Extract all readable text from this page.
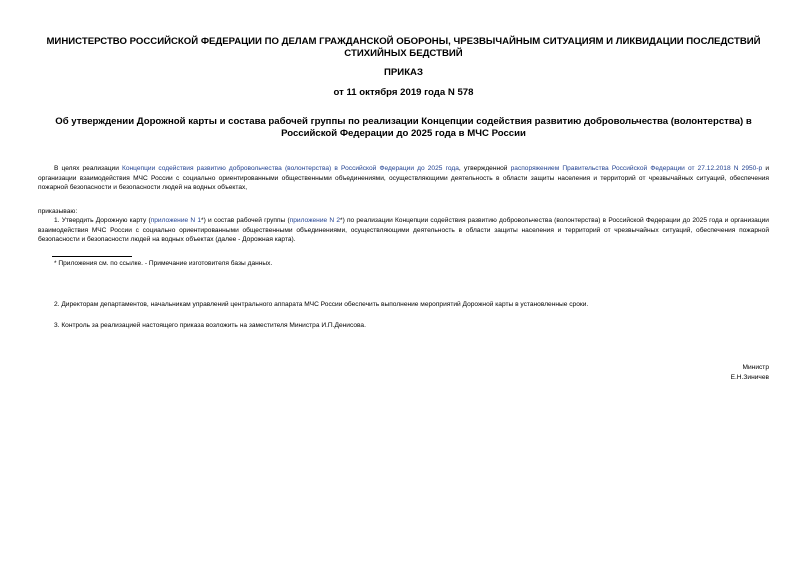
МИНИСТЕРСТВО РОССИЙСКОЙ ФЕДЕРАЦИИ ПО ДЕЛАМ ГРАЖДАНСКОЙ ОБОРОНЫ, ЧРЕЗВЫЧАЙНЫМ СИТУАЦИЯМ И ЛИКВИДАЦИИ ПОСЛЕДСТВИЙ СТИХИЙНЫХ БЕДСТВИЙ
ПРИКАЗ
от 11 октября 2019 года N 578
Об утверждении Дорожной карты и состава рабочей группы по реализации Концепции содействия развитию добровольчества (волонтерства) в Российской Федерации до 2025 года в МЧС России
В целях реализации Концепции содействия развитию добровольчества (волонтерства) в Российской Федерации до 2025 года, утвержденной распоряжением Правительства Российской Федерации от 27.12.2018 N 2950-р и организации взаимодействия МЧС России с социально ориентированными общественными объединениями, осуществляющими деятельность в области защиты населения и территорий от чрезвычайных ситуаций, обеспечения пожарной безопасности и безопасности людей на водных объектах,
приказываю:
1. Утвердить Дорожную карту (приложение N 1*) и состав рабочей группы (приложение N 2*) по реализации Концепции содействия развитию добровольчества (волонтерства) в Российской Федерации до 2025 года и организации взаимодействия МЧС России с социально ориентированными общественными объединениями, осуществляющими деятельность в области защиты населения и территорий от чрезвычайных ситуаций, обеспечения пожарной безопасности и безопасности людей на водных объектах (далее - Дорожная карта).
* Приложения см. по ссылке. - Примечание изготовителя базы данных.
2. Директорам департаментов, начальникам управлений центрального аппарата МЧС России обеспечить выполнение мероприятий Дорожной карты в установленные сроки.
3. Контроль за реализацией настоящего приказа возложить на заместителя Министра И.П.Денисова.
Министр
Е.Н.Зиничев
